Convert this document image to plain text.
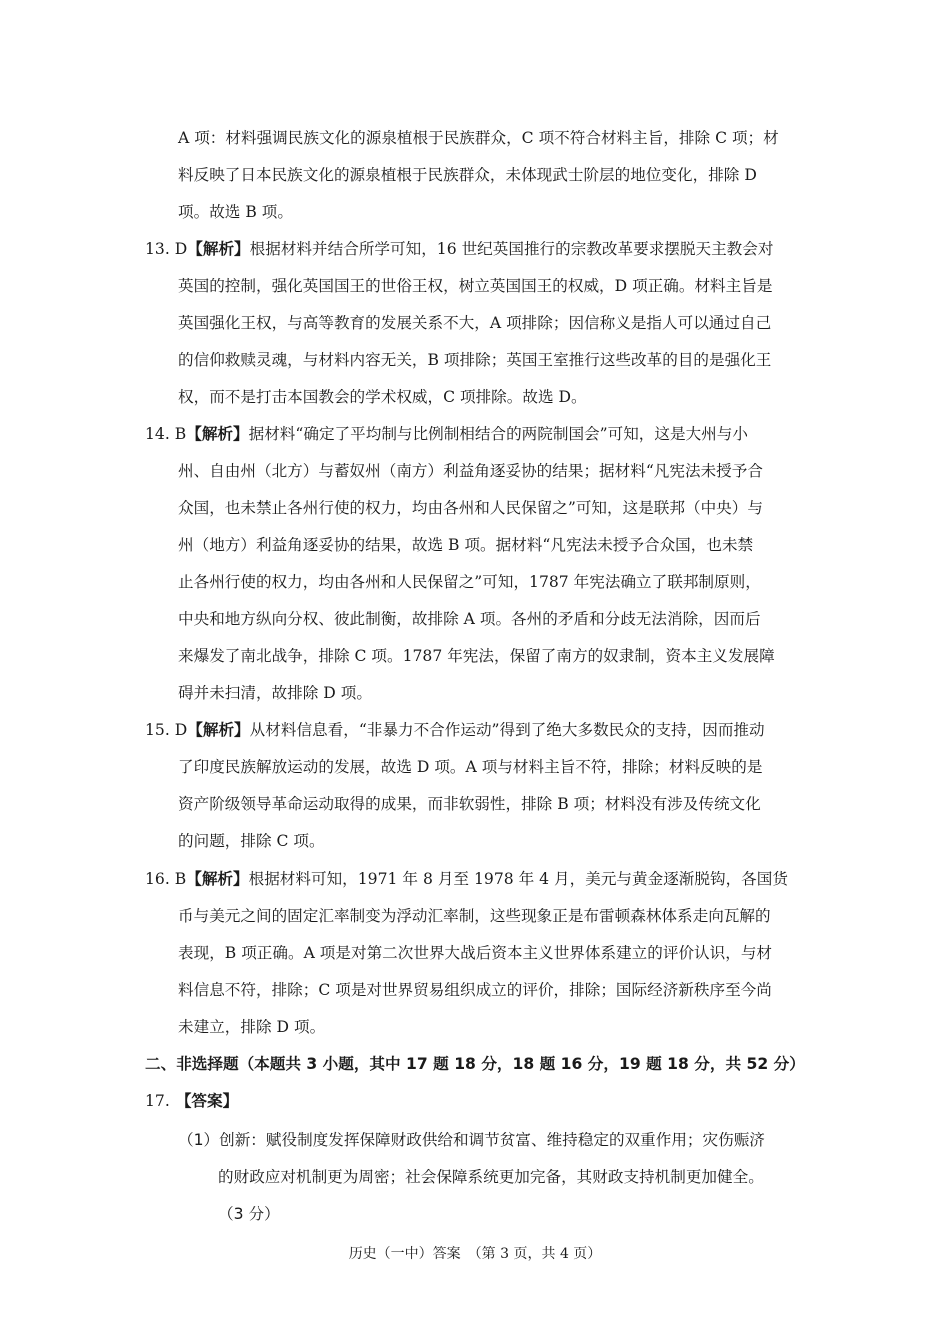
A 项：材料强调民族文化的源泉植根于民族群众，C 项不符合材料主旨，排除 C 项；材
料反映了日本民族文化的源泉植根于民族群众，未体现武士阶层的地位变化，排除 D
项。故选 B 项。
13. D【解析】根据材料并结合所学可知，16 世纪英国推行的宗教改革要求摆脱天主教会对
英国的控制，强化英国国王的世俗王权，树立英国国王的权威，D 项正确。材料主旨是
英国强化王权，与高等教育的发展关系不大，A 项排除；因信称义是指人可以通过自己
的信仰救赎灵魂，与材料内容无关，B 项排除；英国王室推行这些改革的目的是强化王
权，而不是打击本国教会的学术权威，C 项排除。故选 D。
14. B【解析】据材料“确定了平均制与比例制相结合的两院制国会”可知，这是大州与小
州、自由州（北方）与蓄奴州（南方）利益角逐妥协的结果；据材料“凡宪法未授予合
众国，也未禁止各州行使的权力，均由各州和人民保留之”可知，这是联邦（中央）与
州（地方）利益角逐妥协的结果，故选 B 项。据材料“凡宪法未授予合众国，也未禁
止各州行使的权力，均由各州和人民保留之”可知，1787 年宪法确立了联邦制原则，
中央和地方纵向分权、彼此制衡，故排除 A 项。各州的矛盾和分歧无法消除，因而后
来爆发了南北战争，排除 C 项。1787 年宪法，保留了南方的奴隶制，资本主义发展障
碍并未扫清，故排除 D 项。
15. D【解析】从材料信息看，“非暴力不合作运动”得到了绝大多数民众的支持，因而推动
了印度民族解放运动的发展，故选 D 项。A 项与材料主旨不符，排除；材料反映的是
资产阶级领导革命运动取得的成果，而非软弱性，排除 B 项；材料没有涉及传统文化
的问题，排除 C 项。
16. B【解析】根据材料可知，1971 年 8 月至 1978 年 4 月，美元与黄金逐渐脱钩，各国货
币与美元之间的固定汇率制变为浮动汇率制，这些现象正是布雷顿森林体系走向瓦解的
表现，B 项正确。A 项是对第二次世界大战后资本主义世界体系建立的评价认识，与材
料信息不符，排除；C 项是对世界贸易组织成立的评价，排除；国际经济新秩序至今尚
未建立，排除 D 项。
二、非选择题（本题共 3 小题，其中 17 题 18 分，18 题 16 分，19 题 18 分，共 52 分）
17. 【答案】
（1）创新：赋役制度发挥保障财政供给和调节贫富、维持稳定的双重作用；灾伤赈济
的财政应对机制更为周密；社会保障系统更加完备，其财政支持机制更加健全。
（3 分）
历史（一中）答案　（第 3 页，共 4 页）
